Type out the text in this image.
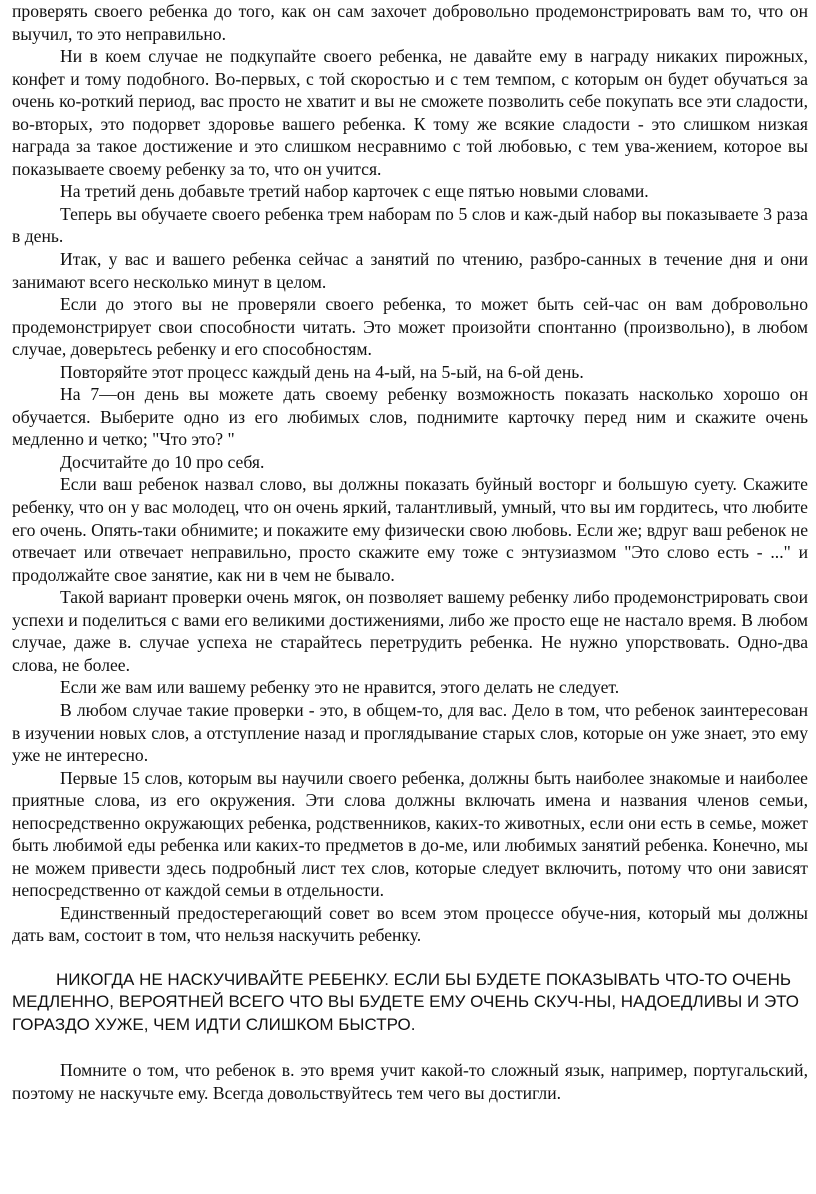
проверять своего ребенка до того, как он сам захочет добровольно продемонстрировать вам то, что он выучил, то это неправильно.

Ни в коем случае не подкупайте своего ребенка, не давайте ему в награду никаких пирожных, конфет и тому подобного. Во-первых, с той скоростью и с тем темпом, с которым он будет обучаться за очень ко-роткий период, вас просто не хватит и вы не сможете позволить себе покупать все эти сладости, во-вторых, это подорвет здоровье вашего ребенка. К тому же всякие сладости - это слишком низкая награда за такое достижение и это слишком несравнимо с той любовью, с тем ува-жением, которое вы показываете своему ребенку за то, что он учится.

На третий день добавьте третий набор карточек с еще пятью новыми словами.

Теперь вы обучаете своего ребенка трем наборам по 5 слов и каж-дый набор вы показываете 3 раза в день.

Итак, у вас и вашего ребенка сейчас а занятий по чтению, разбро-санных в течение дня и они занимают всего несколько минут в целом.

Если до этого вы не проверяли своего ребенка, то может быть сей-час он вам добровольно продемонстрирует свои способности читать. Это может произойти спонтанно (произвольно), в любом случае, доверьтесь ребенку и его способностям.

Повторяйте этот процесс каждый день на 4-ый, на 5-ый, на 6-ой день.

На 7—он день вы можете дать своему ребенку возможность показать насколько хорошо он обучается. Выберите одно из его любимых слов, поднимите карточку перед ним и скажите очень медленно и четко; "Что это? "

Досчитайте до 10 про себя.

Если ваш ребенок назвал слово, вы должны показать буйный восторг и большую суету. Скажите ребенку, что он у вас молодец, что он очень яркий, талантливый, умный, что вы им гордитесь, что любите его очень. Опять-таки обнимите; и покажите ему физически свою любовь. Если же; вдруг ваш ребенок не отвечает или отвечает неправильно, просто скажите ему тоже с энтузиазмом "Это слово есть - ..." и продолжайте свое занятие, как ни в чем не бывало.

Такой вариант проверки очень мягок, он позволяет вашему ребенку либо продемонстрировать свои успехи и поделиться с вами его великими достижениями, либо же просто еще не настало время. В любом случае, даже в. случае успеха не старайтесь перетрудить ребенка. Не нужно упорствовать. Одно-два слова, не более.

Если же вам или вашему ребенку это не нравится, этого делать не следует.

В любом случае такие проверки - это, в общем-то, для вас. Дело в том, что ребенок заинтересован в изучении новых слов, а отступление назад и проглядывание старых слов, которые он уже знает, это ему уже не интересно.

Первые 15 слов, которым вы научили своего ребенка, должны быть наиболее знакомые и наиболее приятные слова, из его окружения. Эти слова должны включать имена и названия членов семьи, непосредственно окружающих ребенка, родственников, каких-то животных, если они есть в семье, может быть любимой еды ребенка или каких-то предметов в до-ме, или любимых занятий ребенка. Конечно, мы не можем привести здесь подробный лист тех слов, которые следует включить, потому что они зависят непосредственно от каждой семьи в отдельности.

Единственный предостерегающий совет во всем этом процессе обуче-ния, который мы должны дать вам, состоит в том, что нельзя наскучить ребенку.

НИКОГДА НЕ НАСКУЧИВАЙТЕ РЕБЕНКУ. ЕСЛИ БЫ БУДЕТЕ ПОКАЗЫВАТЬ ЧТО-ТО ОЧЕНЬ МЕДЛЕННО, ВЕРОЯТНЕЙ ВСЕГО ЧТО ВЫ БУДЕТЕ ЕМУ ОЧЕНЬ СКУЧ-НЫ, НАДОЕДЛИВЫ И ЭТО ГОРАЗДО ХУЖЕ, ЧЕМ ИДТИ СЛИШКОМ БЫСТРО.

Помните о том, что ребенок в. это время учит какой-то сложный язык, например, португальский, поэтому не наскучьте ему. Всегда довольствуйтесь тем чего вы достигли.
